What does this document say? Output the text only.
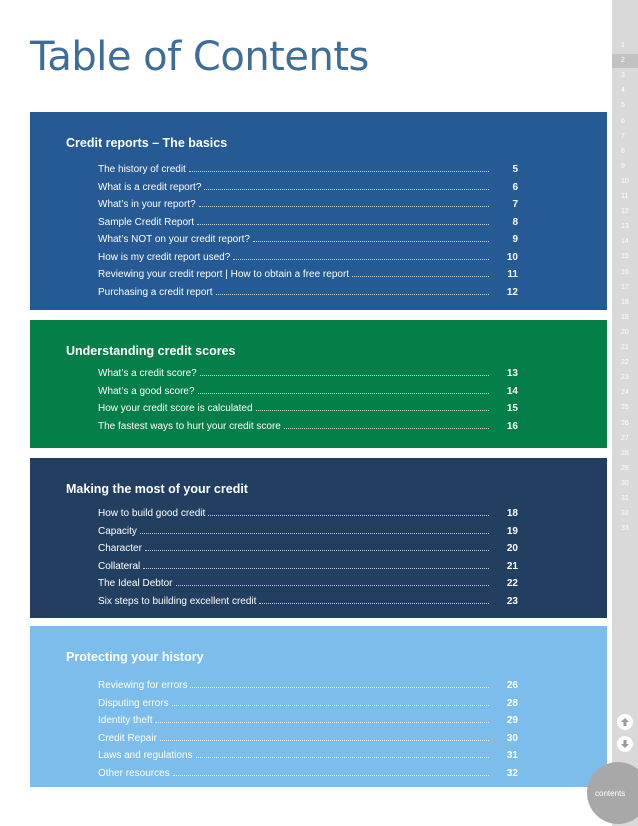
Table of Contents
Credit reports – The basics
The history of credit	5
What is a credit report?	6
What’s in your report?	7
Sample Credit Report	8
What’s NOT on your credit report?	9
How is my credit report used?	10
Reviewing your credit report | How to obtain a free report	11
Purchasing a credit report	12
Understanding credit scores
What’s a credit score?	13
What’s a good score?	14
How your credit score is calculated	15
The fastest ways to hurt your credit score	16
Making the most of your credit
How to build good credit	18
Capacity	19
Character	20
Collateral	21
The Ideal Debtor	22
Six steps to building excellent credit	23
Protecting your history
Reviewing for errors	26
Disputing errors	28
Identity theft	29
Credit Repair	30
Laws and regulations	31
Other resources	32
1
2
3
4
5
6
7
8
9
10
11
12
13
14
15
16
17
18
19
20
21
22
23
24
25
26
27
28
29
30
31
32
33
contents
